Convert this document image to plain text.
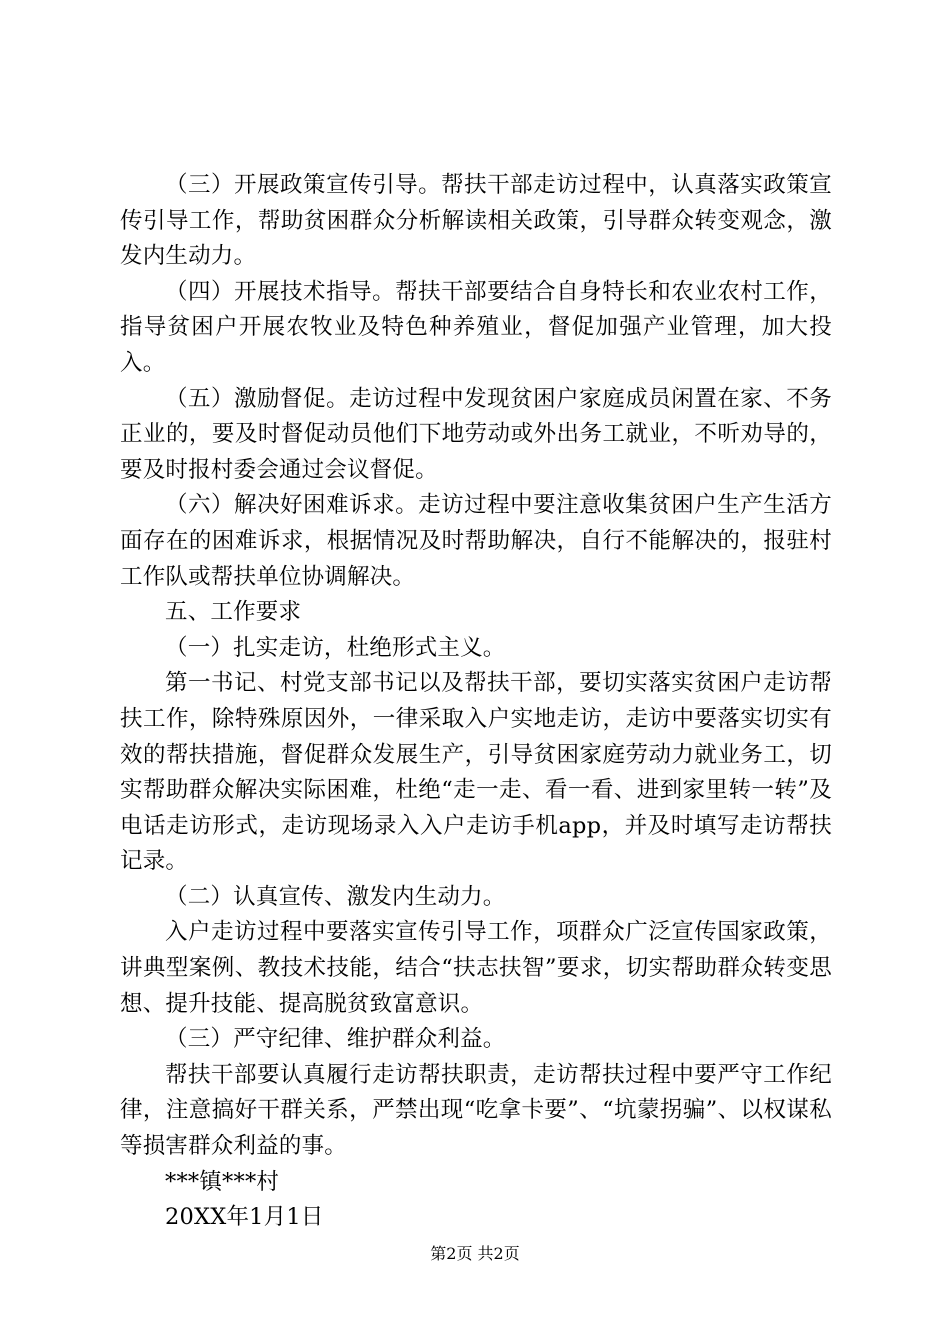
（三）开展政策宣传引导。帮扶干部走访过程中，认真落实政策宣传引导工作，帮助贫困群众分析解读相关政策，引导群众转变观念，激发内生动力。

（四）开展技术指导。帮扶干部要结合自身特长和农业农村工作，指导贫困户开展农牧业及特色种养殖业，督促加强产业管理，加大投入。

（五）激励督促。走访过程中发现贫困户家庭成员闲置在家、不务正业的，要及时督促动员他们下地劳动或外出务工就业，不听劝导的，要及时报村委会通过会议督促。

（六）解决好困难诉求。走访过程中要注意收集贫困户生产生活方面存在的困难诉求，根据情况及时帮助解决，自行不能解决的，报驻村工作队或帮扶单位协调解决。

五、工作要求

（一）扎实走访，杜绝形式主义。

第一书记、村党支部书记以及帮扶干部，要切实落实贫困户走访帮扶工作，除特殊原因外，一律采取入户实地走访，走访中要落实切实有效的帮扶措施，督促群众发展生产，引导贫困家庭劳动力就业务工，切实帮助群众解决实际困难，杜绝“走一走、看一看、进到家里转一转”及电话走访形式，走访现场录入入户走访手机app，并及时填写走访帮扶记录。

（二）认真宣传、激发内生动力。

入户走访过程中要落实宣传引导工作，项群众广泛宣传国家政策，讲典型案例、教技术技能，结合“扶志扶智”要求，切实帮助群众转变思想、提升技能、提高脱贫致富意识。

（三）严守纪律、维护群众利益。

帮扶干部要认真履行走访帮扶职责，走访帮扶过程中要严守工作纪律，注意搞好干群关系，严禁出现“吃拿卡要”、“坑蒙拐骗”、以权谋私等损害群众利益的事。

***镇***村

20XX年1月1日

第2页 共2页
